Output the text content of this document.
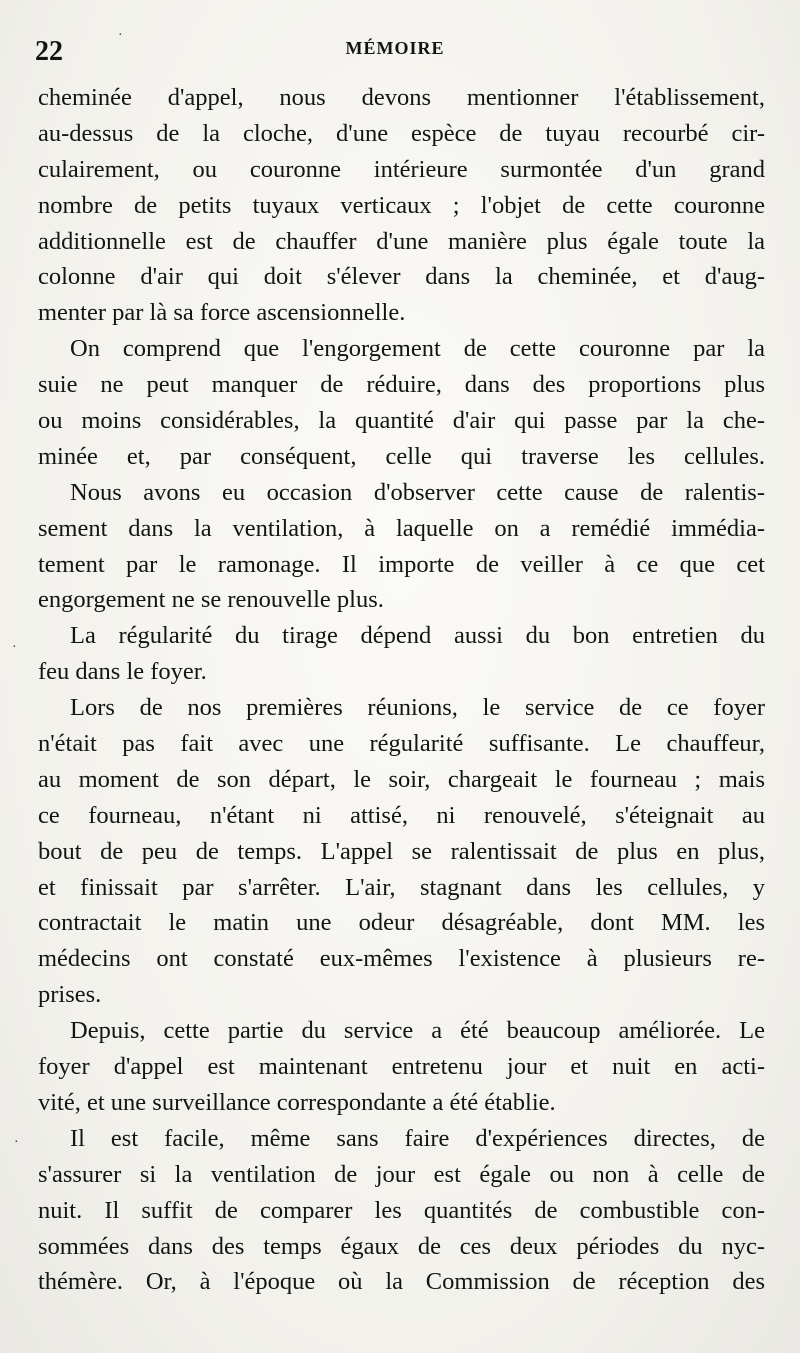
22	MÉMOIRE
cheminée d'appel, nous devons mentionner l'établissement,
au-dessus de la cloche, d'une espèce de tuyau recourbé cir-
culairement, ou couronne intérieure surmontée d'un grand
nombre de petits tuyaux verticaux ; l'objet de cette couronne
additionnelle est de chauffer d'une manière plus égale toute la
colonne d'air qui doit s'élever dans la cheminée, et d'aug-
menter par là sa force ascensionnelle.
On comprend que l'engorgement de cette couronne par la
suie ne peut manquer de réduire, dans des proportions plus
ou moins considérables, la quantité d'air qui passe par la che-
minée et, par conséquent, celle qui traverse les cellules.
Nous avons eu occasion d'observer cette cause de ralentis-
sement dans la ventilation, à laquelle on a remédié immédia-
tement par le ramonage. Il importe de veiller à ce que cet
engorgement ne se renouvelle plus.
La régularité du tirage dépend aussi du bon entretien du
feu dans le foyer.
Lors de nos premières réunions, le service de ce foyer
n'était pas fait avec une régularité suffisante. Le chauffeur,
au moment de son départ, le soir, chargeait le fourneau ; mais
ce fourneau, n'étant ni attisé, ni renouvelé, s'éteignait au
bout de peu de temps. L'appel se ralentissait de plus en plus,
et finissait par s'arrêter. L'air, stagnant dans les cellules, y
contractait le matin une odeur désagréable, dont MM. les
médecins ont constaté eux-mêmes l'existence à plusieurs re-
prises.
Depuis, cette partie du service a été beaucoup améliorée. Le
foyer d'appel est maintenant entretenu jour et nuit en acti-
vité, et une surveillance correspondante a été établie.
Il est facile, même sans faire d'expériences directes, de
s'assurer si la ventilation de jour est égale ou non à celle de
nuit. Il suffit de comparer les quantités de combustible con-
sommées dans des temps égaux de ces deux périodes du nyc-
thémère. Or, à l'époque où la Commission de réception des
·
·
·
